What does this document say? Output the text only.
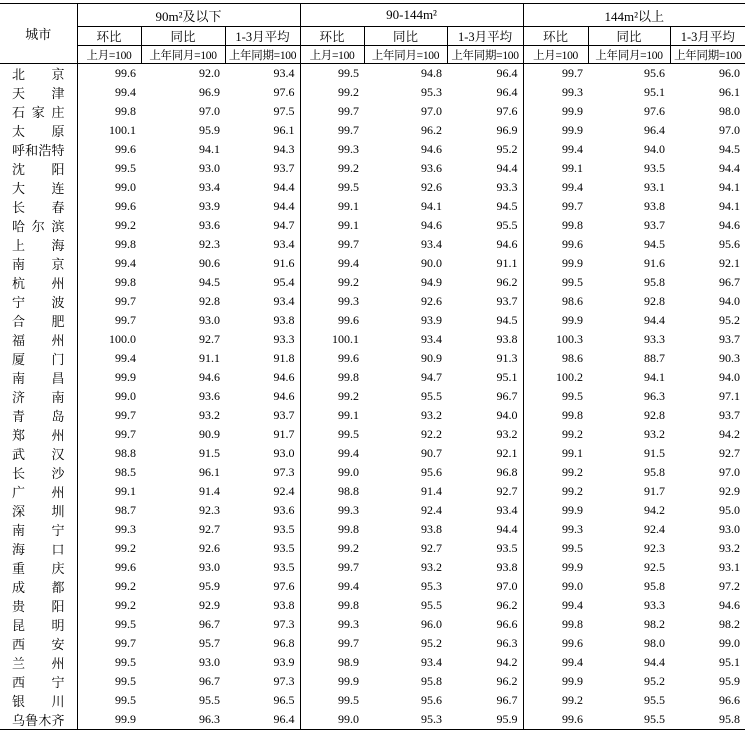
城市	90m²及以下			90-144m²			144m²以上		
	环比	同比	1-3月平均	环比	同比	1-3月平均	环比	同比	1-3月平均
	上月=100	上年同月=100	上年同期=100	上月=100	上年同月=100	上年同期=100	上月=100	上年同月=100	上年同期=100

北京	99.6	92.0	93.4	99.5	94.8	96.4	99.7	95.6	96.0

天津	99.4	96.9	97.6	99.2	95.3	96.4	99.3	95.1	96.1

石家庄	99.8	97.0	97.5	99.7	97.0	97.6	99.9	97.6	98.0

太原	100.1	95.9	96.1	99.7	96.2	96.9	99.9	96.4	97.0

呼和浩特	99.6	94.1	94.3	99.3	94.6	95.2	99.4	94.0	94.5

沈阳	99.5	93.0	93.7	99.2	93.6	94.4	99.1	93.5	94.4

大连	99.0	93.4	94.4	99.5	92.6	93.3	99.4	93.1	94.1

长春	99.6	93.9	94.4	99.1	94.1	94.5	99.7	93.8	94.1

哈尔滨	99.2	93.6	94.7	99.1	94.6	95.5	99.8	93.7	94.6

上海	99.8	92.3	93.4	99.7	93.4	94.6	99.6	94.5	95.6

南京	99.4	90.6	91.6	99.4	90.0	91.1	99.9	91.6	92.1

杭州	99.8	94.5	95.4	99.2	94.9	96.2	99.5	95.8	96.7

宁波	99.7	92.8	93.4	99.3	92.6	93.7	98.6	92.8	94.0

合肥	99.7	93.0	93.8	99.6	93.9	94.5	99.9	94.4	95.2

福州	100.0	92.7	93.3	100.1	93.4	93.8	100.3	93.3	93.7

厦门	99.4	91.1	91.8	99.6	90.9	91.3	98.6	88.7	90.3

南昌	99.9	94.6	94.6	99.8	94.7	95.1	100.2	94.1	94.0

济南	99.0	93.6	94.6	99.2	95.5	96.7	99.5	96.3	97.1

青岛	99.7	93.2	93.7	99.1	93.2	94.0	99.8	92.8	93.7

郑州	99.7	90.9	91.7	99.5	92.2	93.2	99.2	93.2	94.2

武汉	98.8	91.5	93.0	99.4	90.7	92.1	99.1	91.5	92.7

长沙	98.5	96.1	97.3	99.0	95.6	96.8	99.2	95.8	97.0

广州	99.1	91.4	92.4	98.8	91.4	92.7	99.2	91.7	92.9

深圳	98.7	92.3	93.6	99.3	92.4	93.4	99.9	94.2	95.0

南宁	99.3	92.7	93.5	99.8	93.8	94.4	99.3	92.4	93.0

海口	99.2	92.6	93.5	99.2	92.7	93.5	99.5	92.3	93.2

重庆	99.6	93.0	93.5	99.7	93.2	93.8	99.9	92.5	93.1

成都	99.2	95.9	97.6	99.4	95.3	97.0	99.0	95.8	97.2

贵阳	99.2	92.9	93.8	99.8	95.5	96.2	99.4	93.3	94.6

昆明	99.5	96.7	97.3	99.3	96.0	96.6	99.8	98.2	98.2

西安	99.7	95.7	96.8	99.7	95.2	96.3	99.6	98.0	99.0

兰州	99.5	93.0	93.9	98.9	93.4	94.2	99.4	94.4	95.1

西宁	99.5	96.7	97.3	99.9	95.8	96.2	99.9	95.2	95.9

银川	99.5	95.5	96.5	99.5	95.6	96.7	99.2	95.5	96.6

乌鲁木齐	99.9	96.3	96.4	99.0	95.3	95.9	99.6	95.5	95.8
